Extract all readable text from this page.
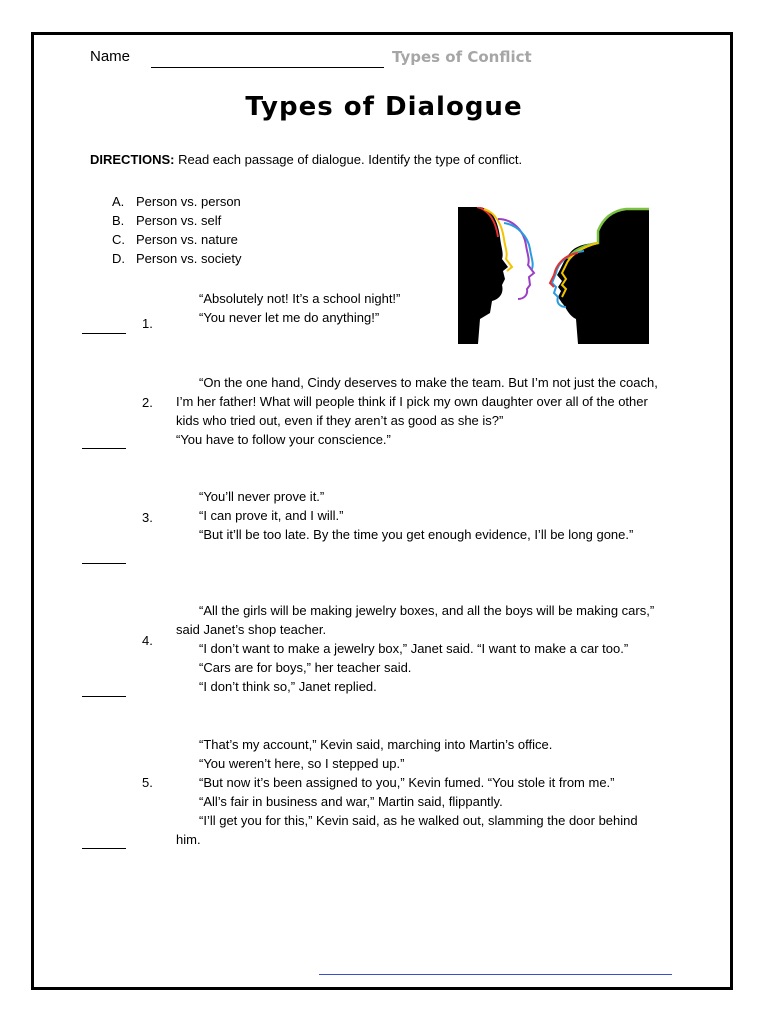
Name	Types of Conflict
Types of Dialogue
DIRECTIONS: Read each passage of dialogue. Identify the type of conflict.
A. Person vs. person
B. Person vs. self
C. Person vs. nature
D. Person vs. society
1.
“Absolutely not! It’s a school night!”
“You never let me do anything!”
2.
“On the one hand, Cindy deserves to make the team. But I’m not just the coach, I’m her father! What will people think if I pick my own daughter over all of the other kids who tried out, even if they aren’t as good as she is?”
“You have to follow your conscience.”
3.
“You’ll never prove it.”
“I can prove it, and I will.”
“But it’ll be too late. By the time you get enough evidence, I’ll be long gone.”
4.
“All the girls will be making jewelry boxes, and all the boys will be making cars,” said Janet’s shop teacher.
“I don’t want to make a jewelry box,” Janet said. “I want to make a car too.”
“Cars are for boys,” her teacher said.
“I don’t think so,” Janet replied.
5.
“That’s my account,” Kevin said, marching into Martin’s office.
“You weren’t here, so I stepped up.”
“But now it’s been assigned to you,” Kevin fumed. “You stole it from me.”
“All’s fair in business and war,” Martin said, flippantly.
“I’ll get you for this,” Kevin said, as he walked out, slamming the door behind him.
